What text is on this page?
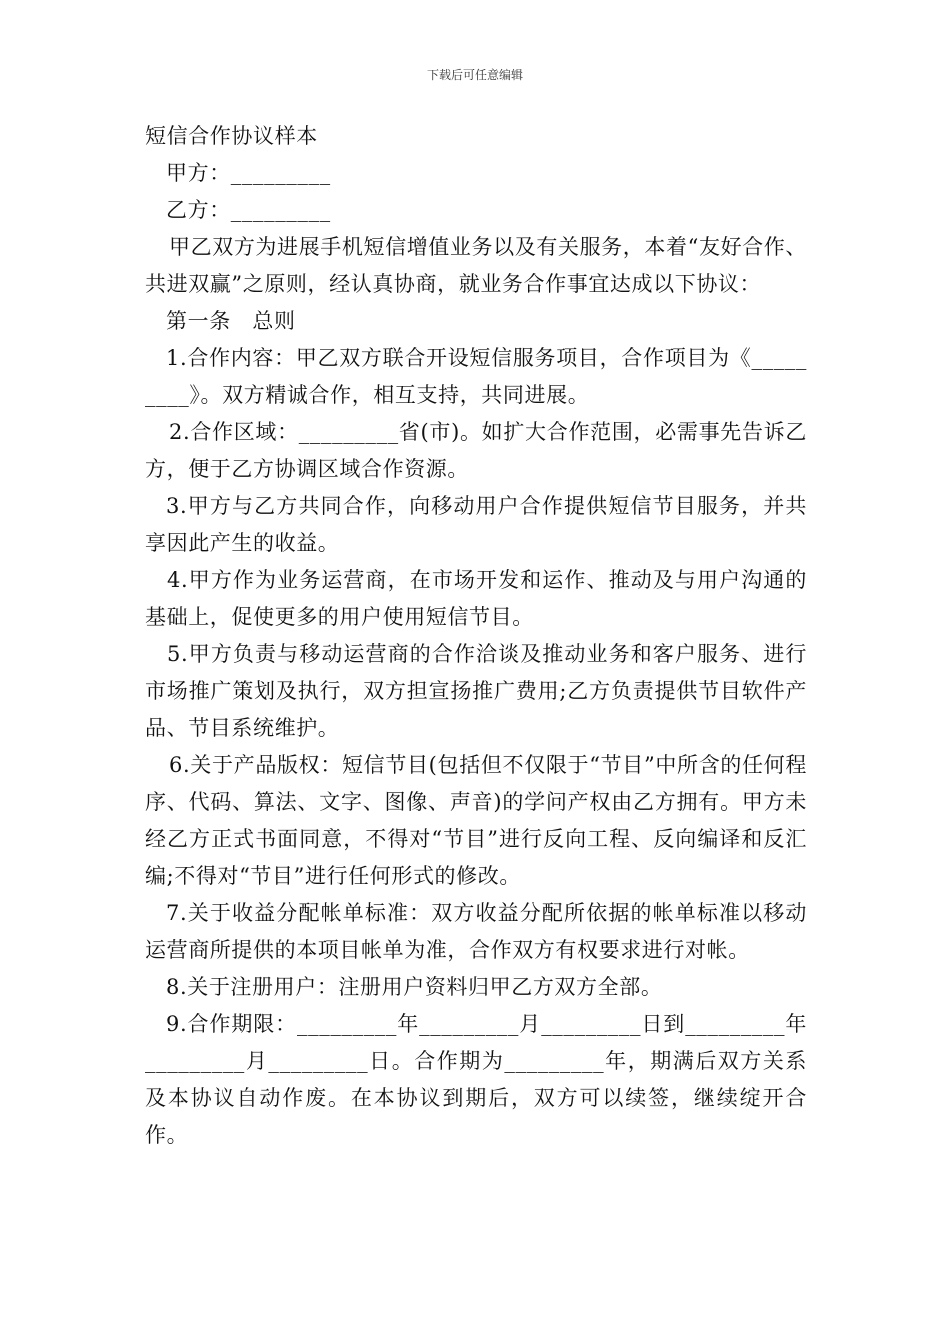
下载后可任意编辑
短信合作协议样本

甲方：_________

乙方：_________

甲乙双方为进展手机短信增值业务以及有关服务，本着“友好合作、共进双赢”之原则，经认真协商，就业务合作事宜达成以下协议：

第一条　总则

1.合作内容：甲乙双方联合开设短信服务项目，合作项目为《_________》。双方精诚合作，相互支持，共同进展。

2.合作区域：_________省(市)。如扩大合作范围，必需事先告诉乙方，便于乙方协调区域合作资源。

3.甲方与乙方共同合作，向移动用户合作提供短信节目服务，并共享因此产生的收益。

4.甲方作为业务运营商，在市场开发和运作、推动及与用户沟通的基础上，促使更多的用户使用短信节目。

5.甲方负责与移动运营商的合作洽谈及推动业务和客户服务、进行市场推广策划及执行，双方担宣扬推广费用;乙方负责提供节目软件产品、节目系统维护。

6.关于产品版权：短信节目(包括但不仅限于“节目”中所含的任何程序、代码、算法、文字、图像、声音)的学问产权由乙方拥有。甲方未经乙方正式书面同意，不得对“节目”进行反向工程、反向编译和反汇编;不得对“节目”进行任何形式的修改。

7.关于收益分配帐单标准：双方收益分配所依据的帐单标准以移动运营商所提供的本项目帐单为准，合作双方有权要求进行对帐。

8.关于注册用户：注册用户资料归甲乙方双方全部。

9.合作期限：_________年_________月_________日到_________年_________月_________日。合作期为_________年，期满后双方关系及本协议自动作废。在本协议到期后，双方可以续签，继续绽开合作。
